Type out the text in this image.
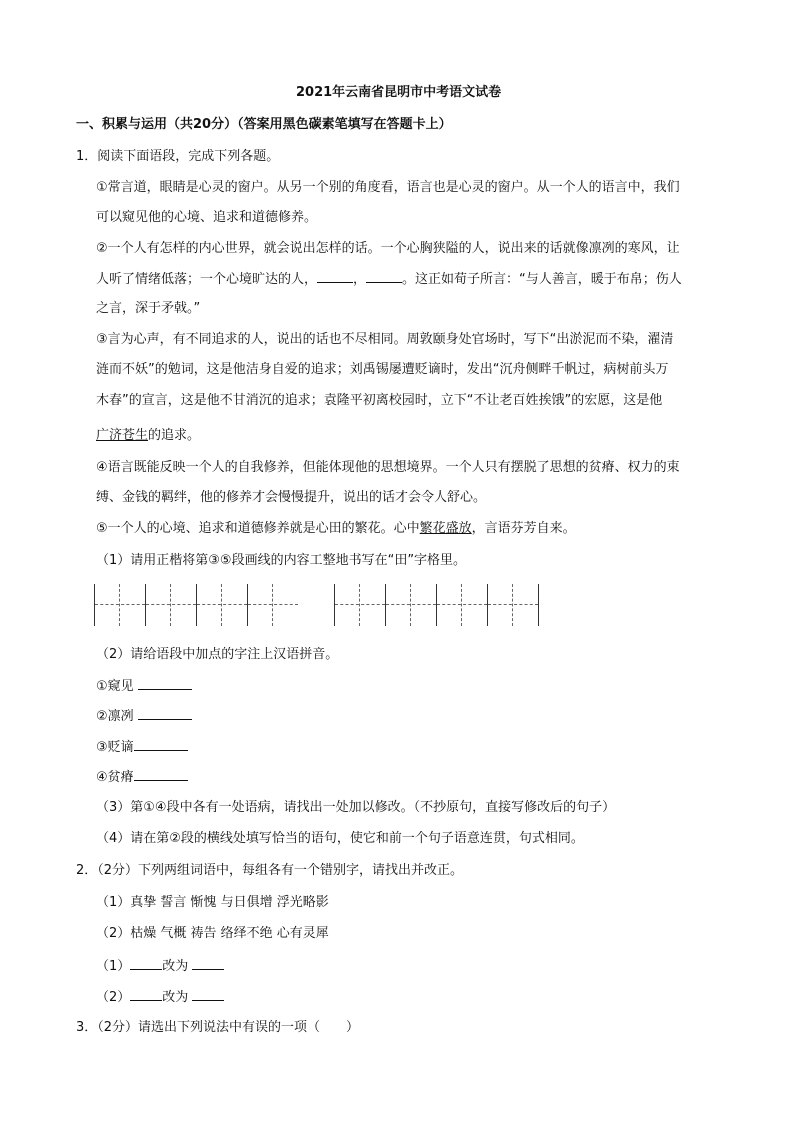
2021年云南省昆明市中考语文试卷
一、积累与运用（共20分）（答案用黑色碳素笔填写在答题卡上）
1．阅读下面语段，完成下列各题。
①常言道，眼睛是心灵的窗户。从另一个别的角度看，语言也是心灵的窗户。从一个人的语言中，我们
可以窥见他的心境、追求和道德修养。
②一个人有怎样的内心世界，就会说出怎样的话。一个心胸狭隘的人，说出来的话就像凛冽的寒风，让
人听了情绪低落；一个心境旷达的人，	，	。这正如荀子所言：“与人善言，暖于布帛；伤人
之言，深于矛戟。”
③言为心声，有不同追求的人，说出的话也不尽相同。周敦颐身处官场时，写下“出淤泥而不染，濯清
涟而不妖”的勉词，这是他洁身自爱的追求；刘禹锡屡遭贬谪时，发出“沉舟侧畔千帆过，病树前头万
木春”的宣言，这是他不甘消沉的追求；袁隆平初离校园时，立下“不让老百姓挨饿”的宏愿，这是他
广济苍生的追求。
④语言既能反映一个人的自我修养，但能体现他的思想境界。一个人只有摆脱了思想的贫瘠、权力的束
缚、金钱的羁绊，他的修养才会慢慢提升，说出的话才会令人舒心。
⑤一个人的心境、追求和道德修养就是心田的繁花。心中繁花盛放，言语芬芳自来。
（1）请用正楷将第③⑤段画线的内容工整地书写在“田”字格里。
（2）请给语段中加点的字注上汉语拼音。
①窥见
②凛冽
③贬谪
④贫瘠
（3）第①④段中各有一处语病，请找出一处加以修改。（不抄原句，直接写修改后的句子）
（4）请在第②段的横线处填写恰当的语句，使它和前一个句子语意连贯，句式相同。
2．（2分）下列两组词语中，每组各有一个错别字，请找出并改正。
（1）真挚 誓言 惭愧 与日俱增 浮光略影
（2）枯燥 气概 祷告 络绎不绝 心有灵犀
（1） 改为
（2） 改为
3．（2分）请选出下列说法中有误的一项（　　）
